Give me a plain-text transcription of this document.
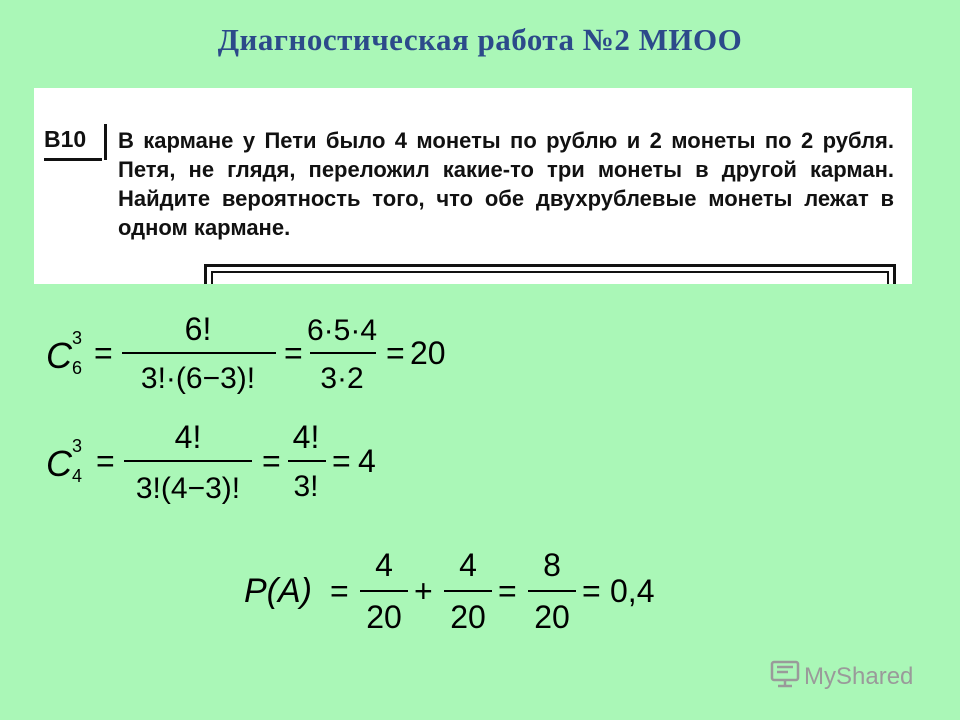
Диагностическая работа №2 МИОО
B10 В кармане у Пети было 4 монеты по рублю и 2 монеты по 2 рубля. Петя, не глядя, переложил какие-то три монеты в другой карман. Найдите вероятность того, что обе двухрублевые монеты лежат в одном кармане.
C 3
6 =
6!
3!·(6−3)!
=
6·5·4
3·2
= 20
C 3
4 =
4!
3!(4−3)!
=
4!
3!
= 4
P(A) =
4
20
+
4
20
=
8
20
= 0,4
MyShared
